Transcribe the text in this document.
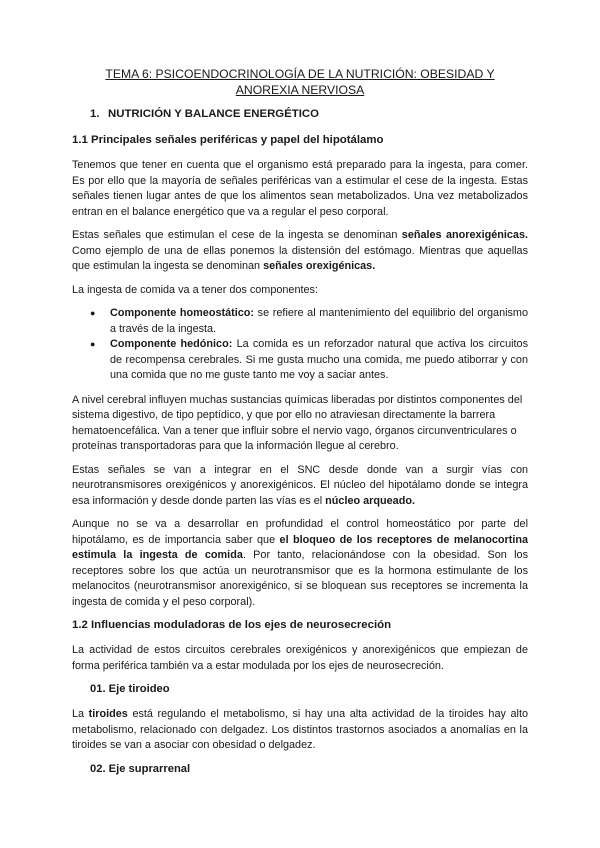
TEMA 6: PSICOENDOCRINOLOGÍA DE LA NUTRICIÓN: OBESIDAD Y
ANOREXIA NERVIOSA
1. NUTRICIÓN Y BALANCE ENERGÉTICO
1.1 Principales señales periféricas y papel del hipotálamo

Tenemos que tener en cuenta que el organismo está preparado para la ingesta, para comer. Es por ello que la mayoría de señales periféricas van a estimular el cese de la ingesta. Estas señales tienen lugar antes de que los alimentos sean metabolizados. Una vez metabolizados entran en el balance energético que va a regular el peso corporal.

Estas señales que estimulan el cese de la ingesta se denominan señales anorexigénicas. Como ejemplo de una de ellas ponemos la distensión del estómago. Mientras que aquellas que estimulan la ingesta se denominan señales orexigénicas.

La ingesta de comida va a tener dos componentes:

● Componente homeostático: se refiere al mantenimiento del equilibrio del organismo a través de la ingesta.
● Componente hedónico: La comida es un reforzador natural que activa los circuitos de recompensa cerebrales. Si me gusta mucho una comida, me puedo atiborrar y con una comida que no me guste tanto me voy a saciar antes.

A nivel cerebral influyen muchas sustancias químicas liberadas por distintos componentes del sistema digestivo, de tipo peptídico, y que por ello no atraviesan directamente la barrera hematoencefálica. Van a tener que influir sobre el nervio vago, órganos circunventriculares o proteínas transportadoras para que la información llegue al cerebro.

Estas señales se van a integrar en el SNC desde donde van a surgir vías con neurotransmisores orexigénicos y anorexigénicos. El núcleo del hipotálamo donde se integra esa información y desde donde parten las vías es el núcleo arqueado.

Aunque no se va a desarrollar en profundidad el control homeostático por parte del hipotálamo, es de importancia saber que el bloqueo de los receptores de melanocortina estimula la ingesta de comida. Por tanto, relacionándose con la obesidad. Son los receptores sobre los que actúa un neurotransmisor que es la hormona estimulante de los melanocitos (neurotransmisor anorexigénico, si se bloquean sus receptores se incrementa la ingesta de comida y el peso corporal).

1.2 Influencias moduladoras de los ejes de neurosecreción

La actividad de estos circuitos cerebrales orexigénicos y anorexigénicos que empiezan de forma periférica también va a estar modulada por los ejes de neurosecreción.

01. Eje tiroideo

La tiroides está regulando el metabolismo, si hay una alta actividad de la tiroides hay alto metabolismo, relacionado con delgadez. Los distintos trastornos asociados a anomalías en la tiroides se van a asociar con obesidad o delgadez.

02. Eje suprarrenal
